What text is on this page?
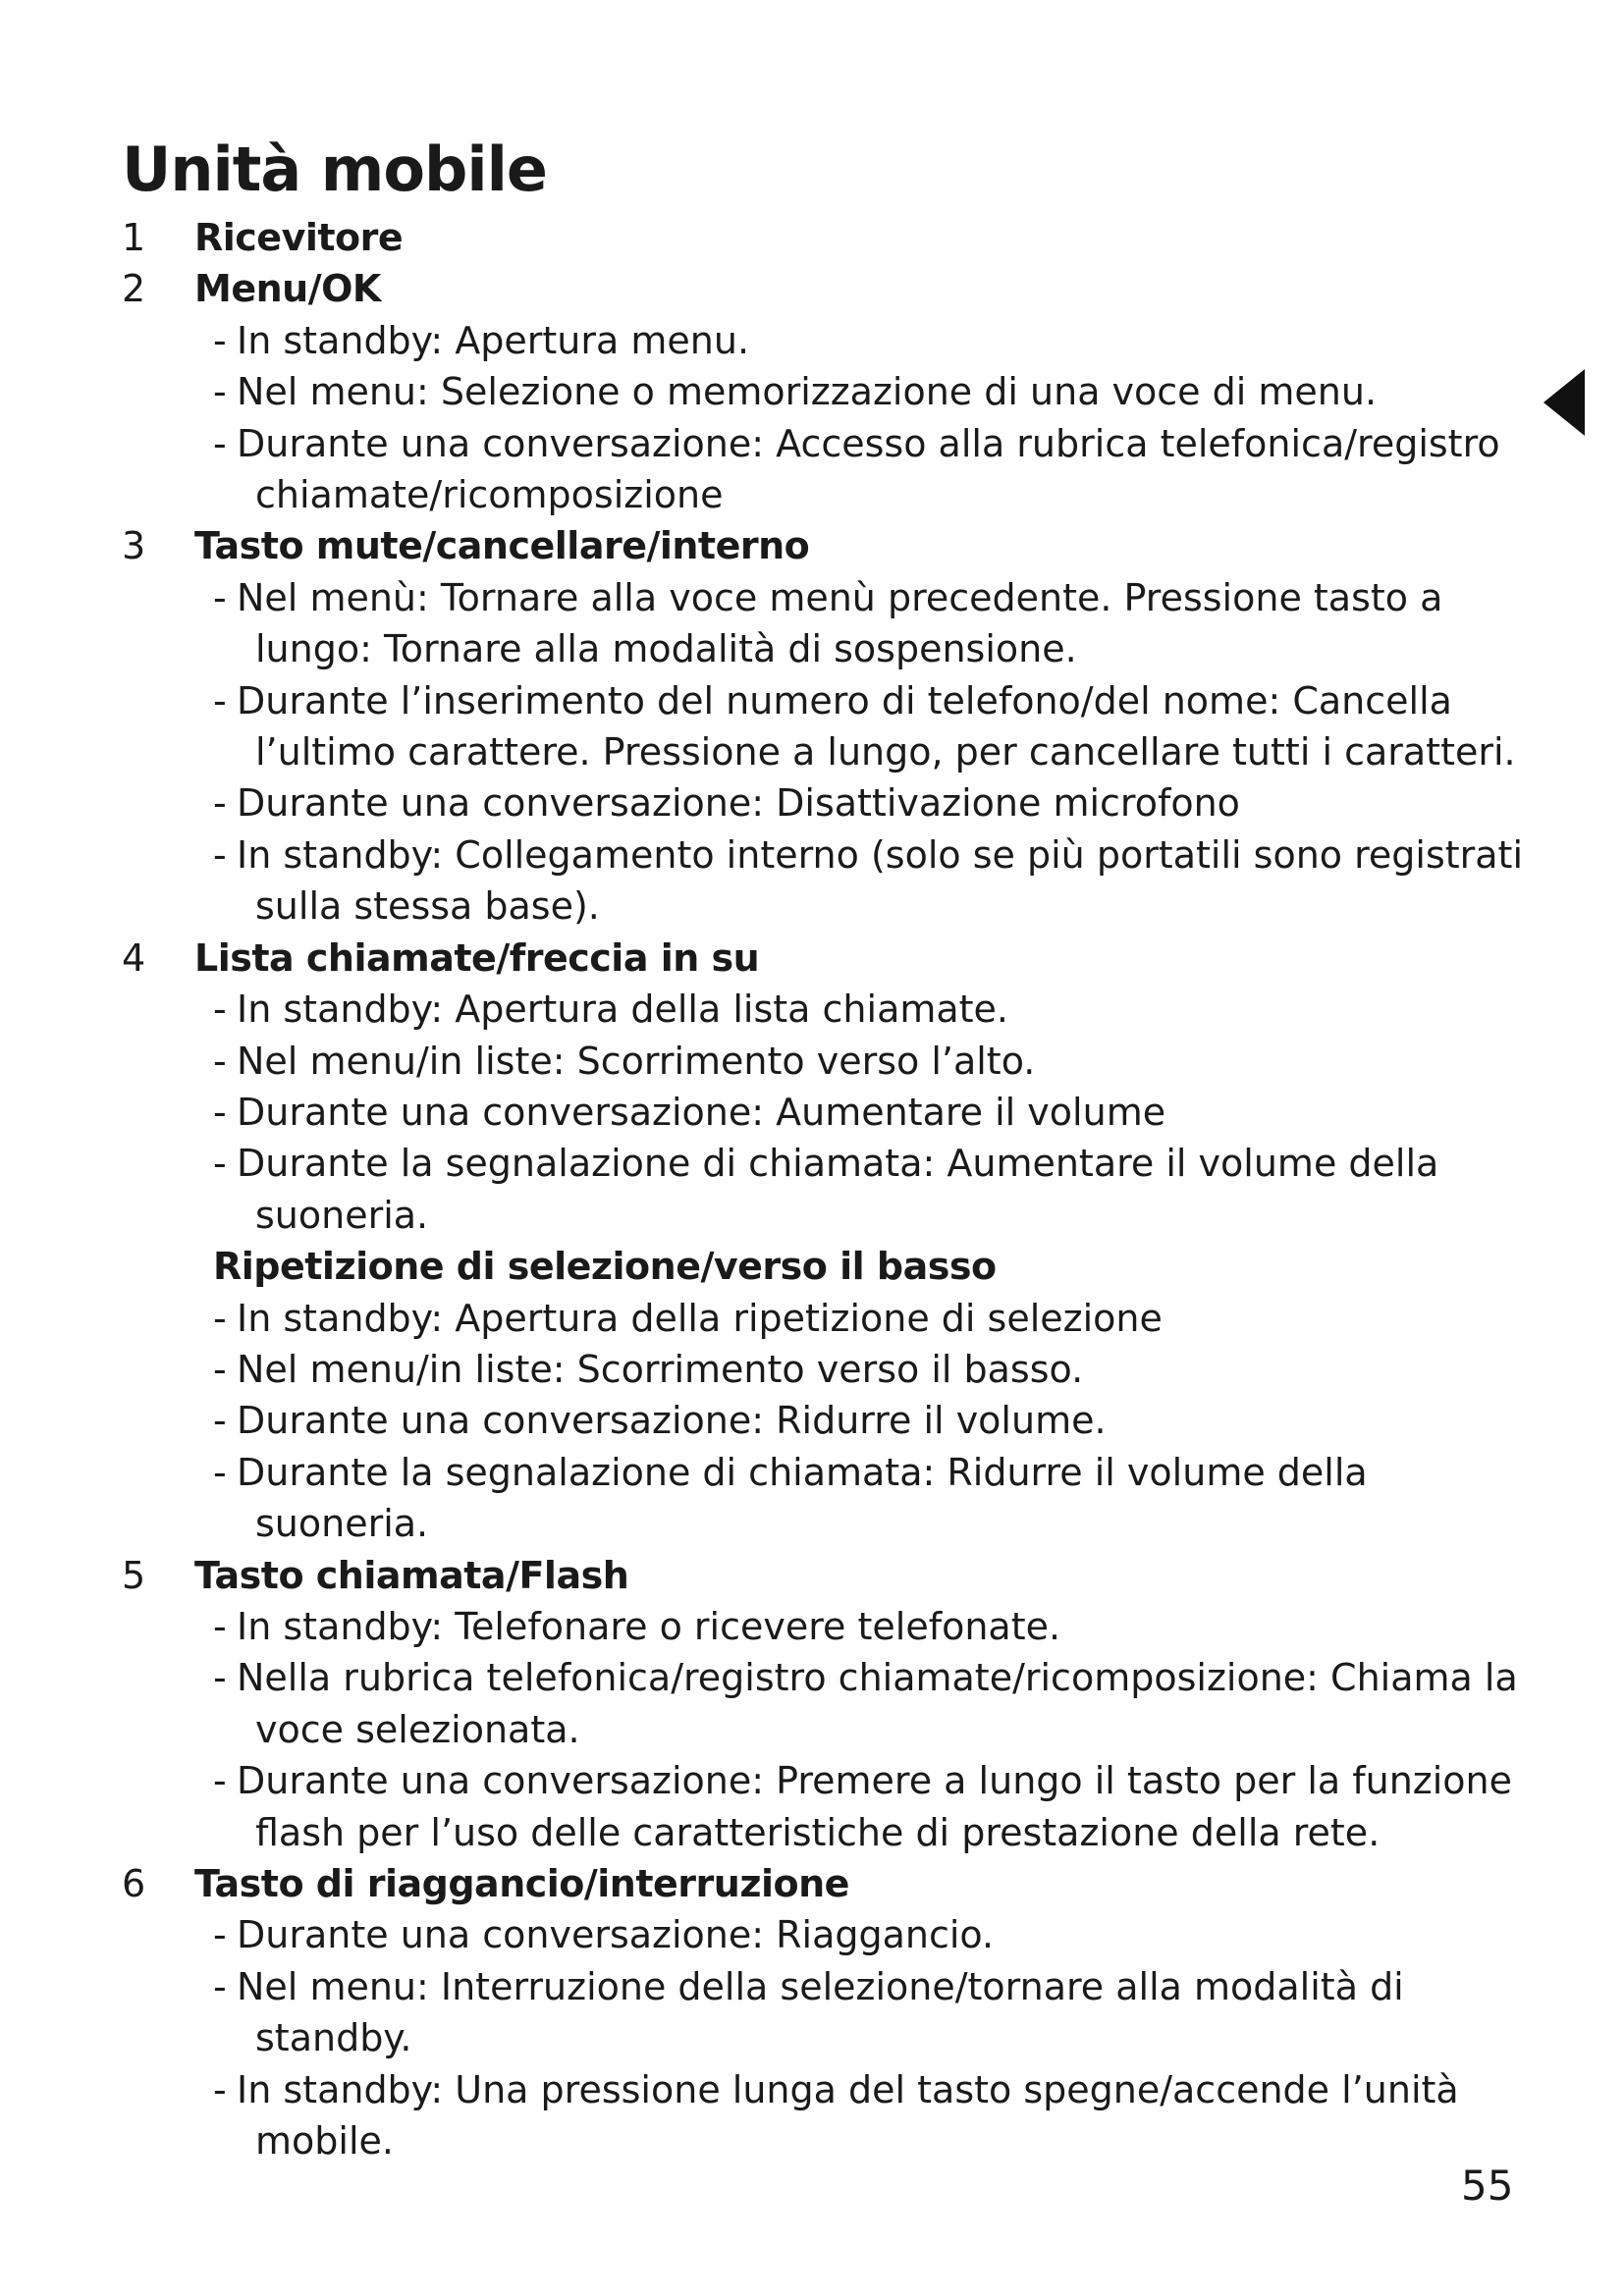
Unità mobile
1	Ricevitore
2	Menu/OK
- In standby: Apertura menu.
- Nel menu: Selezione o memorizzazione di una voce di menu.
- Durante una conversazione: Accesso alla rubrica telefonica/registro
chiamate/ricomposizione
3	Tasto mute/cancellare/interno
- Nel menù: Tornare alla voce menù precedente. Pressione tasto a
lungo: Tornare alla modalità di sospensione.
- Durante l’inserimento del numero di telefono/del nome: Cancella
l’ultimo carattere. Pressione a lungo, per cancellare tutti i caratteri.
- Durante una conversazione: Disattivazione microfono
- In standby: Collegamento interno (solo se più portatili sono registrati
sulla stessa base).
4	Lista chiamate/freccia in su
- In standby: Apertura della lista chiamate.
- Nel menu/in liste: Scorrimento verso l’alto.
- Durante una conversazione: Aumentare il volume
- Durante la segnalazione di chiamata: Aumentare il volume della
suoneria.
Ripetizione di selezione/verso il basso
- In standby: Apertura della ripetizione di selezione
- Nel menu/in liste: Scorrimento verso il basso.
- Durante una conversazione: Ridurre il volume.
- Durante la segnalazione di chiamata: Ridurre il volume della
suoneria.
5	Tasto chiamata/Flash
- In standby: Telefonare o ricevere telefonate.
- Nella rubrica telefonica/registro chiamate/ricomposizione: Chiama la
voce selezionata.
- Durante una conversazione: Premere a lungo il tasto per la funzione
flash per l’uso delle caratteristiche di prestazione della rete.
6	Tasto di riaggancio/interruzione
- Durante una conversazione: Riaggancio.
- Nel menu: Interruzione della selezione/tornare alla modalità di
standby.
- In standby: Una pressione lunga del tasto spegne/accende l’unità
mobile.
55
